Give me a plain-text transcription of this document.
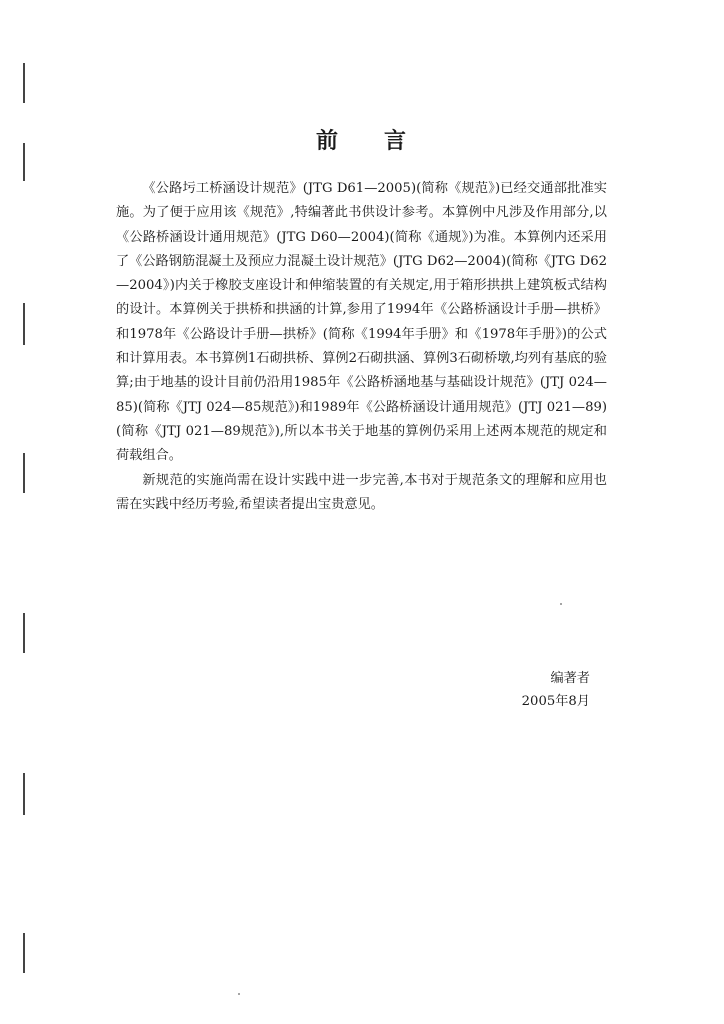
前 言

《公路圬工桥涵设计规范》(JTG D61—2005)(简称《规范》)已经交通部批准实施。为了便于应用该《规范》,特编著此书供设计参考。本算例中凡涉及作用部分,以《公路桥涵设计通用规范》(JTG D60—2004)(简称《通规》)为准。本算例内还采用了《公路钢筋混凝土及预应力混凝土设计规范》(JTG D62—2004)(简称《JTG D62—2004》)内关于橡胶支座设计和伸缩装置的有关规定,用于箱形拱拱上建筑板式结构的设计。本算例关于拱桥和拱涵的计算,参用了1994年《公路桥涵设计手册—拱桥》和1978年《公路设计手册—拱桥》(简称《1994年手册》和《1978年手册》)的公式和计算用表。本书算例1石砌拱桥、算例2石砌拱涵、算例3石砌桥墩,均列有基底的验算;由于地基的设计目前仍沿用1985年《公路桥涵地基与基础设计规范》(JTJ 024—85)(简称《JTJ 024—85规范》)和1989年《公路桥涵设计通用规范》(JTJ 021—89)(简称《JTJ 021—89规范》),所以本书关于地基的算例仍采用上述两本规范的规定和荷载组合。

新规范的实施尚需在设计实践中进一步完善,本书对于规范条文的理解和应用也需在实践中经历考验,希望读者提出宝贵意见。

编著者
2005年8月
